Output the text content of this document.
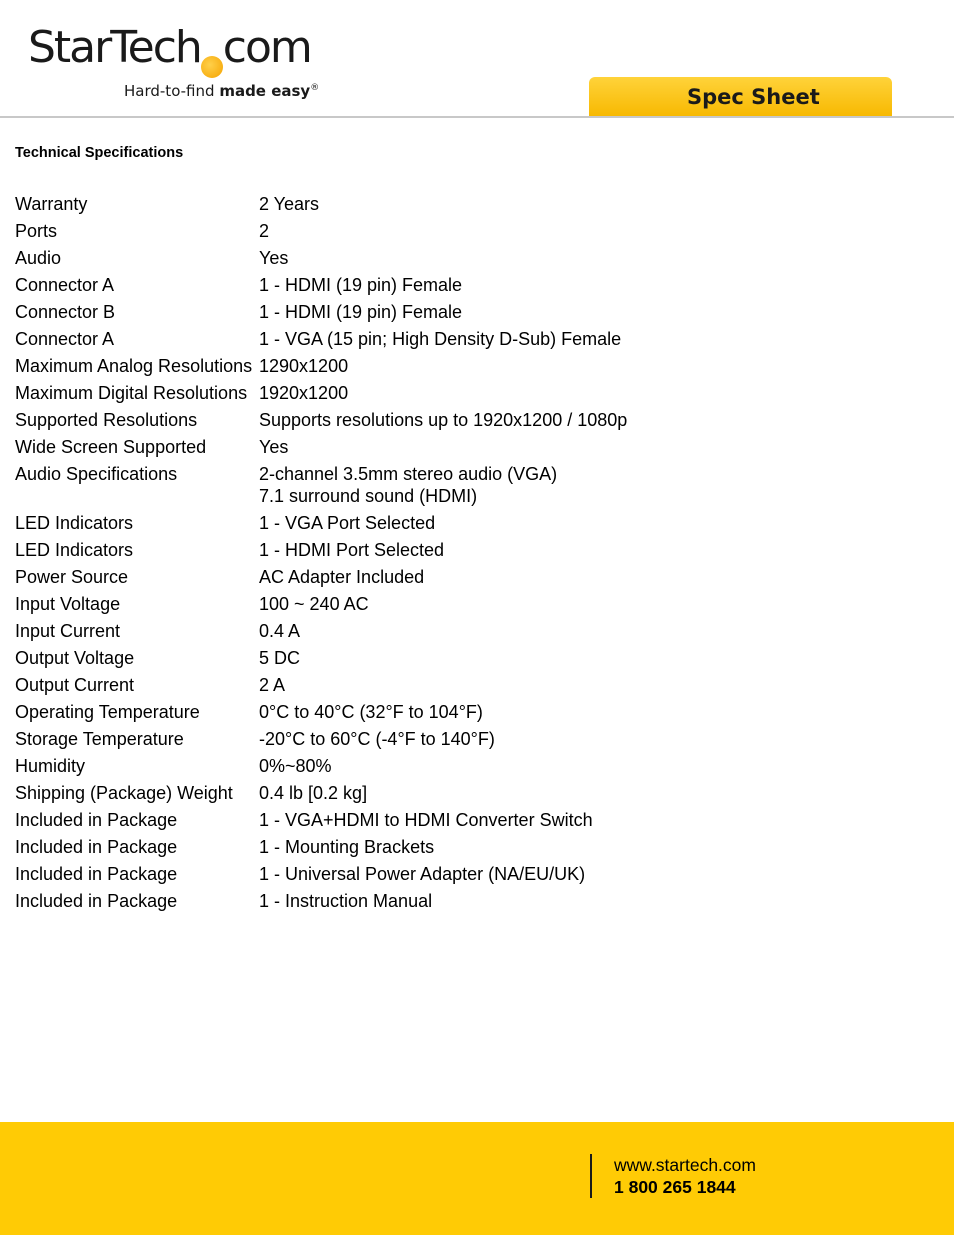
StarTech com
Hard-to-find made easy®	Spec Sheet
Technical Specifications
Warranty	2 Years
Ports	2
Audio	Yes
Connector A	1 - HDMI (19 pin) Female
Connector B	1 - HDMI (19 pin) Female
Connector A	1 - VGA (15 pin; High Density D-Sub) Female
Maximum Analog Resolutions 1290x1200
Maximum Digital Resolutions 1920x1200
Supported Resolutions	Supports resolutions up to 1920x1200 / 1080p
Wide Screen Supported	Yes
Audio Specifications	2-channel 3.5mm stereo audio (VGA)
7.1 surround sound (HDMI)
LED Indicators	1 - VGA Port Selected
LED Indicators	1 - HDMI Port Selected
Power Source	AC Adapter Included
Input Voltage	100 ~ 240 AC
Input Current	0.4 A
Output Voltage	5 DC
Output Current	2 A
Operating Temperature	0°C to 40°C (32°F to 104°F)
Storage Temperature	-20°C to 60°C (-4°F to 140°F)
Humidity	0%~80%
Shipping (Package) Weight	0.4 lb [0.2 kg]
Included in Package	1 - VGA+HDMI to HDMI Converter Switch
Included in Package	1 - Mounting Brackets
Included in Package	1 - Universal Power Adapter (NA/EU/UK)
Included in Package	1 - Instruction Manual
www.startech.com
1 800 265 1844
